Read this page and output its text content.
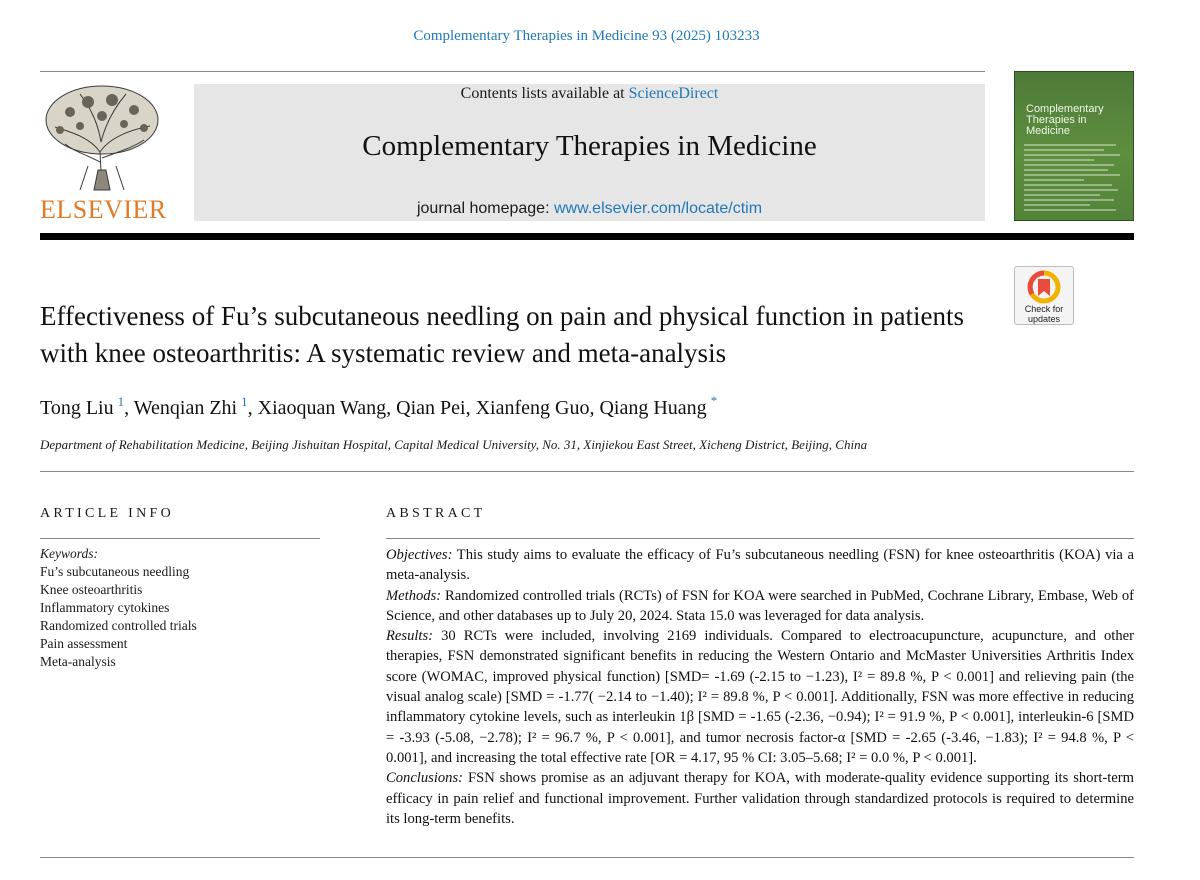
Complementary Therapies in Medicine 93 (2025) 103233
ELSEVIER
Contents lists available at ScienceDirect
Complementary Therapies in Medicine
journal homepage: www.elsevier.com/locate/ctim
Complementary Therapies in Medicine
Check for
updates
Effectiveness of Fu’s subcutaneous needling on pain and physical function in patients with knee osteoarthritis: A systematic review and meta-analysis
Tong Liu  $^1$, Wenqian Zhi  $^1$, Xiaoquan Wang, Qian Pei, Xianfeng Guo, Qiang Huang  *
Department of Rehabilitation Medicine, Beijing Jishuitan Hospital, Capital Medical University, No. 31, Xinjiekou East Street, Xicheng District, Beijing, China
ARTICLE INFO	ABSTRACT
Keywords:
Fu’s subcutaneous needling
Knee osteoarthritis
Inflammatory cytokines
Randomized controlled trials
Pain assessment
Meta-analysis

Objectives: This study aims to evaluate the efficacy of Fu’s subcutaneous needling (FSN) for knee osteoarthritis (KOA) via a meta-analysis.

Methods: Randomized controlled trials (RCTs) of FSN for KOA were searched in PubMed, Cochrane Library, Embase, Web of Science, and other databases up to July 20, 2024. Stata 15.0 was leveraged for data analysis.

Results: 30 RCTs were included, involving 2169 individuals. Compared to electroacupuncture, acupuncture, and other therapies, FSN demonstrated significant benefits in reducing the Western Ontario and McMaster Universities Arthritis Index score (WOMAC, improved physical function) [SMD= -1.69 (-2.15 to −1.23), I² = 89.8 %, P < 0.001] and relieving pain (the visual analog scale) [SMD = -1.77( −2.14 to −1.40); I² = 89.8 %, P < 0.001]. Additionally, FSN was more effective in reducing inflammatory cytokine levels, such as interleukin 1β [SMD = -1.65 (-2.36, −0.94); I² = 91.9 %, P < 0.001], interleukin-6 [SMD = -3.93 (-5.08, −2.78); I² = 96.7 %, P < 0.001], and tumor necrosis factor-α [SMD = -2.65 (-3.46, −1.83); I² = 94.8 %, P < 0.001], and increasing the total effective rate [OR = 4.17, 95 % CI: 3.05–5.68; I² = 0.0 %, P < 0.001].

Conclusions: FSN shows promise as an adjuvant therapy for KOA, with moderate-quality evidence supporting its short-term efficacy in pain relief and functional improvement. Further validation through standardized protocols is required to determine its long-term benefits.
